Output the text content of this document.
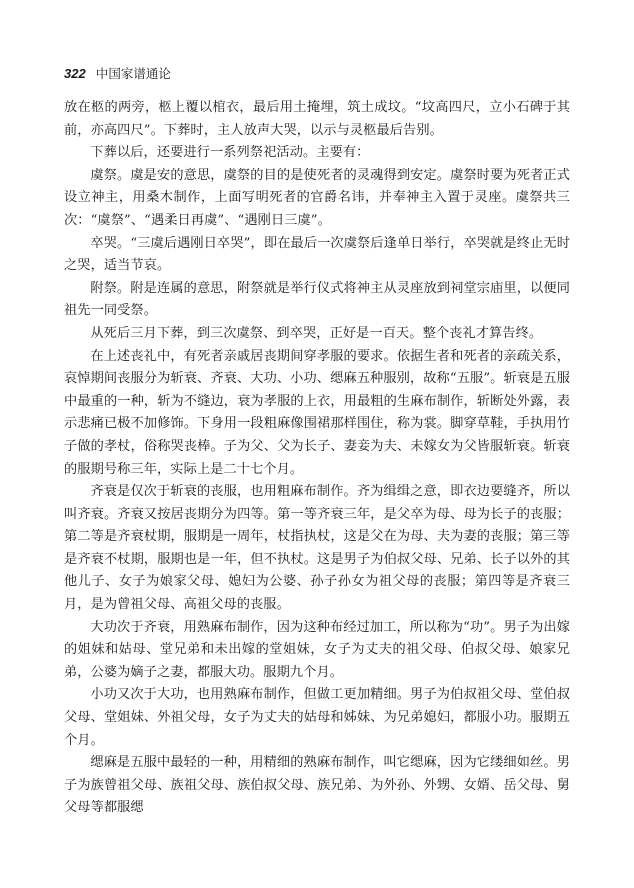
322 中国家谱通论

放在柩的两旁，柩上覆以棺衣，最后用土掩埋，筑土成坟。“坟高四尺，立小石碑于其前，亦高四尺”。下葬时，主人放声大哭，以示与灵柩最后告别。

下葬以后，还要进行一系列祭祀活动。主要有：

虞祭。虞是安的意思，虞祭的目的是使死者的灵魂得到安定。虞祭时要为死者正式设立神主，用桑木制作，上面写明死者的官爵名讳，并奉神主入置于灵座。虞祭共三次：“虞祭”、“遇柔日再虞”、“遇刚日三虞”。

卒哭。“三虞后遇刚日卒哭”，即在最后一次虞祭后逢单日举行，卒哭就是终止无时之哭，适当节哀。

附祭。附是连属的意思，附祭就是举行仪式将神主从灵座放到祠堂宗庙里，以便同祖先一同受祭。

从死后三月下葬，到三次虞祭、到卒哭，正好是一百天。整个丧礼才算告终。

在上述丧礼中，有死者亲戚居丧期间穿孝服的要求。依据生者和死者的亲疏关系，哀悼期间丧服分为斩衰、齐衰、大功、小功、缌麻五种服别，故称“五服”。斩衰是五服中最重的一种，斩为不缝边，衰为孝服的上衣，用最粗的生麻布制作，斩断处外露，表示悲痛已极不加修饰。下身用一段粗麻像围裙那样围住，称为裳。脚穿草鞋，手执用竹子做的孝杖，俗称哭丧棒。子为父、父为长子、妻妾为夫、未嫁女为父皆服斩衰。斩衰的服期号称三年，实际上是二十七个月。

齐衰是仅次于斩衰的丧服，也用粗麻布制作。齐为缉缉之意，即衣边要缝齐，所以叫齐衰。齐衰又按居丧期分为四等。第一等齐衰三年，是父卒为母、母为长子的丧服；第二等是齐衰杖期，服期是一周年，杖指执杖，这是父在为母、夫为妻的丧服；第三等是齐衰不杖期，服期也是一年，但不执杖。这是男子为伯叔父母、兄弟、长子以外的其他儿子、女子为娘家父母、媳妇为公婆、孙子孙女为祖父母的丧服；第四等是齐衰三月，是为曾祖父母、高祖父母的丧服。

大功次于齐衰，用熟麻布制作，因为这种布经过加工，所以称为“功”。男子为出嫁的姐妹和姑母、堂兄弟和未出嫁的堂姐妹，女子为丈夫的祖父母、伯叔父母、娘家兄弟，公婆为嫡子之妻，都服大功。服期九个月。

小功又次于大功，也用熟麻布制作，但做工更加精细。男子为伯叔祖父母、堂伯叔父母、堂姐妹、外祖父母，女子为丈夫的姑母和姊妹、为兄弟媳妇，都服小功。服期五个月。

缌麻是五服中最轻的一种，用精细的熟麻布制作，叫它缌麻，因为它缕细如丝。男子为族曾祖父母、族祖父母、族伯叔父母、族兄弟、为外孙、外甥、女婿、岳父母、舅父母等都服缌
